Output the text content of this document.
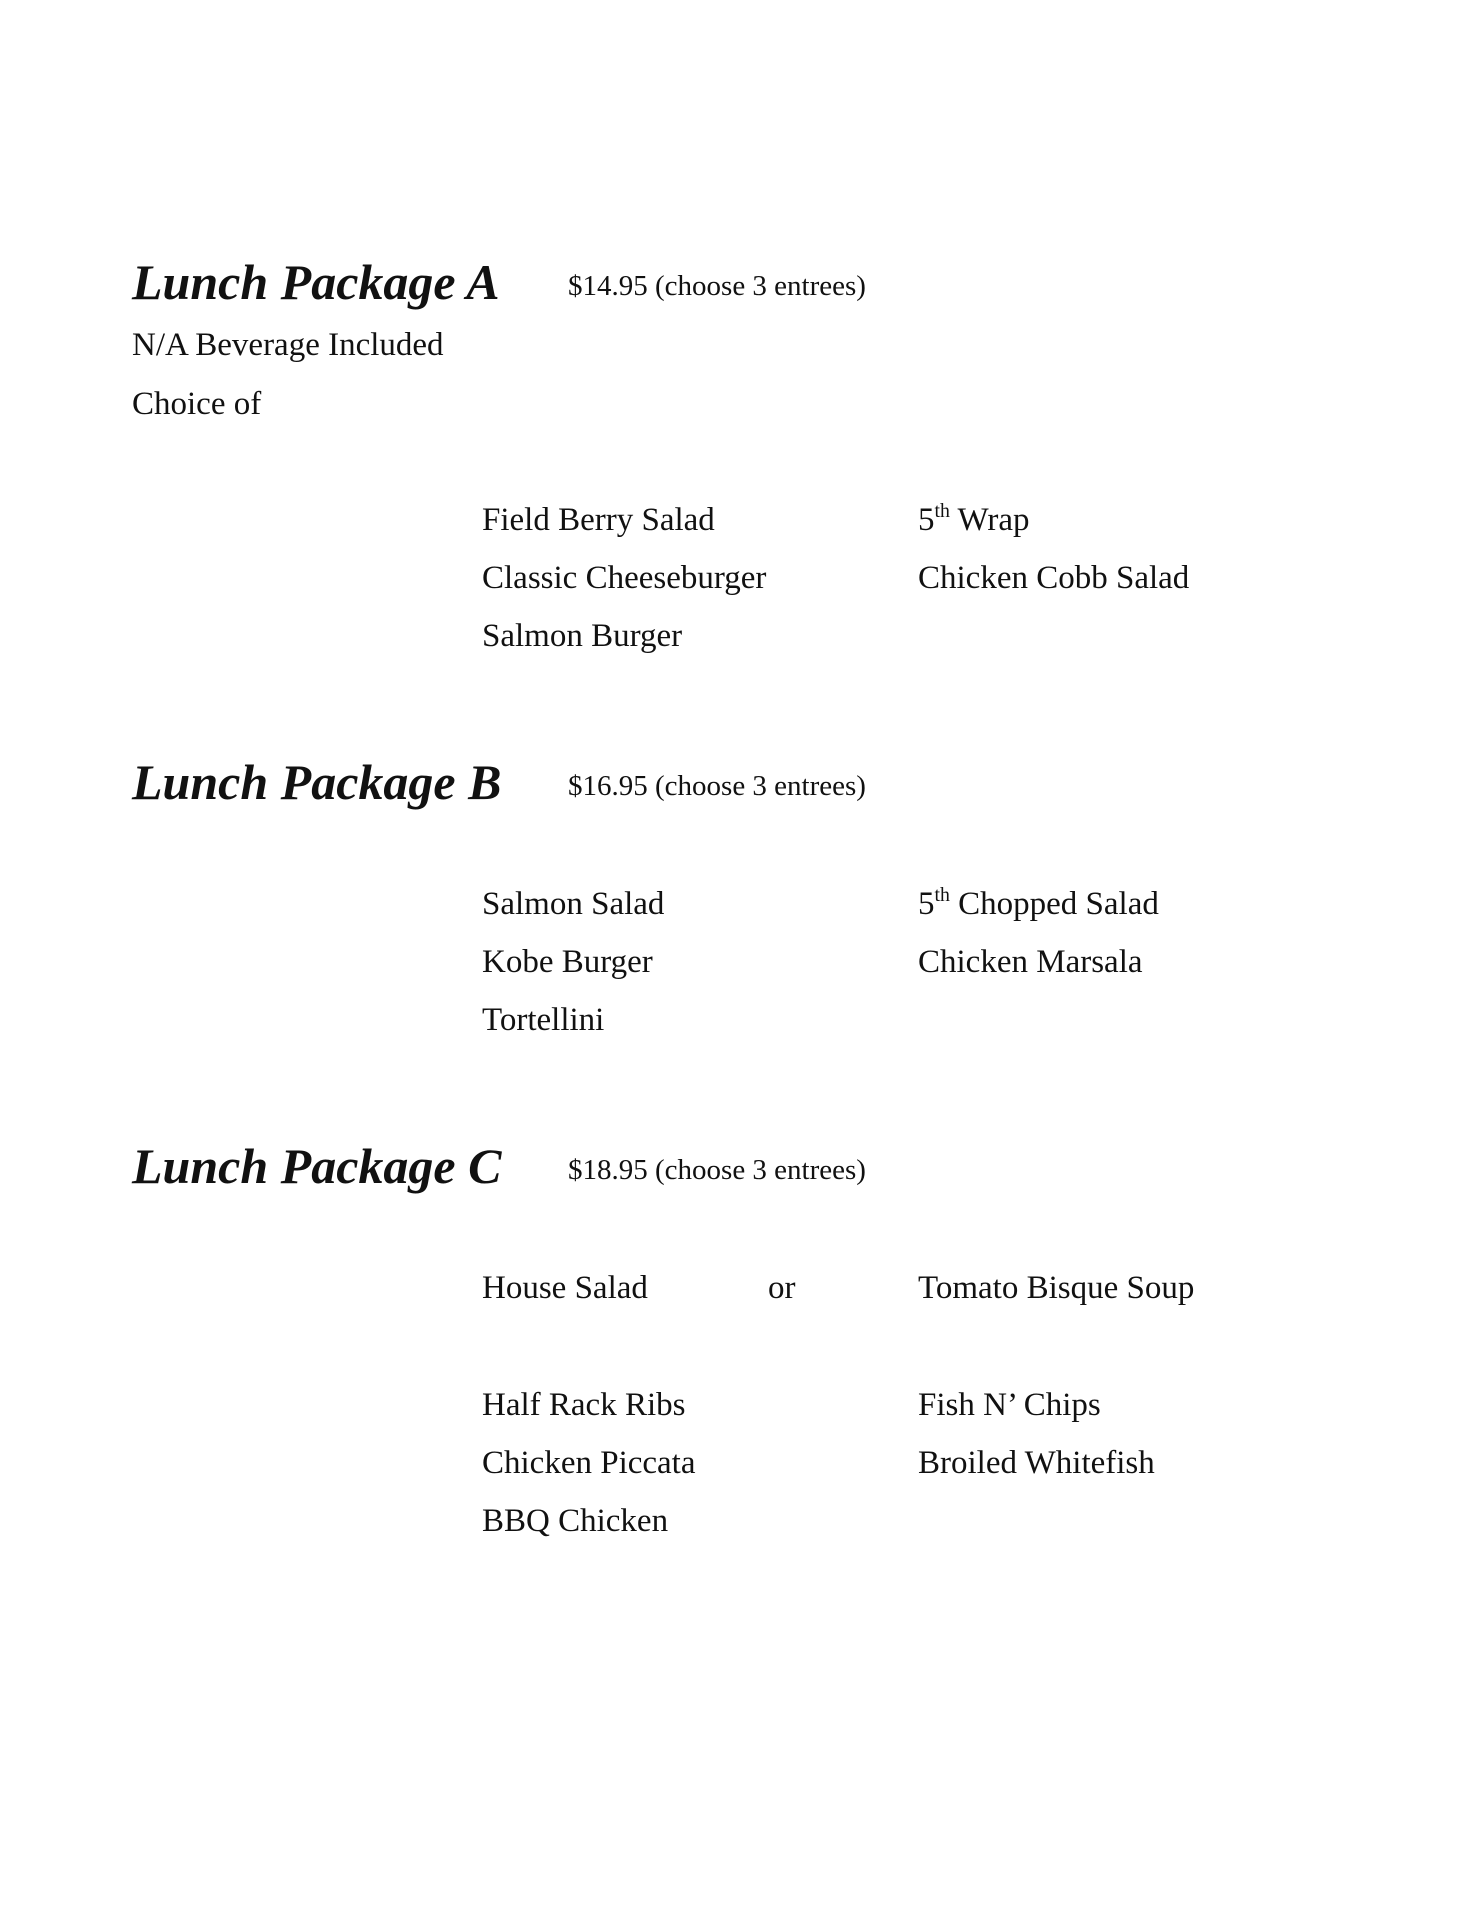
Lunch Package A $14.95 (choose 3 entrees)
N/A Beverage Included
Choice of
Field Berry Salad
Classic Cheeseburger
Salmon Burger
5th Wrap
Chicken Cobb Salad
Lunch Package B $16.95 (choose 3 entrees)
Salmon Salad
Kobe Burger
Tortellini
5th Chopped Salad
Chicken Marsala
Lunch Package C $18.95 (choose 3 entrees)
House Salad	or	Tomato Bisque Soup
Half Rack Ribs
Chicken Piccata
BBQ Chicken
Fish N’ Chips
Broiled Whitefish
